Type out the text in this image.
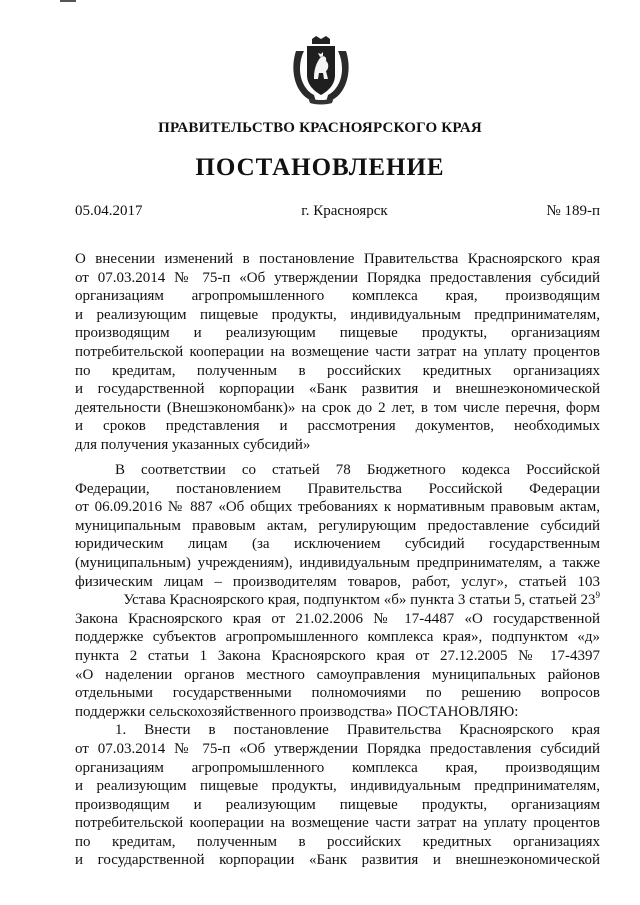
ПРАВИТЕЛЬСТВО КРАСНОЯРСКОГО КРАЯ
ПОСТАНОВЛЕНИЕ
05.04.2017	г. Красноярск	№ 189-п
О внесении изменений в постановление Правительства Красноярского края
от 07.03.2014 № 75-п «Об утверждении Порядка предоставления субсидий
организациям агропромышленного комплекса края, производящим
и реализующим пищевые продукты, индивидуальным предпринимателям,
производящим и реализующим пищевые продукты, организациям
потребительской кооперации на возмещение части затрат на уплату процентов
по кредитам, полученным в российских кредитных организациях
и государственной корпорации «Банк развития и внешнеэкономической
деятельности (Внешэкономбанк)» на срок до 2 лет, в том числе перечня, форм
и сроков представления и рассмотрения документов, необходимых
для получения указанных субсидий»
В соответствии со статьей 78 Бюджетного кодекса Российской
Федерации, постановлением Правительства Российской Федерации
от 06.09.2016 № 887 «Об общих требованиях к нормативным правовым актам,
муниципальным правовым актам, регулирующим предоставление субсидий
юридическим лицам (за исключением субсидий государственным
(муниципальным) учреждениям), индивидуальным предпринимателям, а также
физическим лицам – производителям товаров, работ, услуг», статьей 103
Устава Красноярского края, подпунктом «б» пункта 3 статьи 5, статьей $23^9$
Закона Красноярского края от 21.02.2006 № 17-4487 «О государственной
поддержке субъектов агропромышленного комплекса края», подпунктом «д»
пункта 2 статьи 1 Закона Красноярского края от 27.12.2005 № 17-4397
«О наделении органов местного самоуправления муниципальных районов
отдельными государственными полномочиями по решению вопросов
поддержки сельскохозяйственного производства» ПОСТАНОВЛЯЮ:
1. Внести в постановление Правительства Красноярского края
от 07.03.2014 № 75-п «Об утверждении Порядка предоставления субсидий
организациям агропромышленного комплекса края, производящим
и реализующим пищевые продукты, индивидуальным предпринимателям,
производящим и реализующим пищевые продукты, организациям
потребительской кооперации на возмещение части затрат на уплату процентов
по кредитам, полученным в российских кредитных организациях
и государственной корпорации «Банк развития и внешнеэкономической
